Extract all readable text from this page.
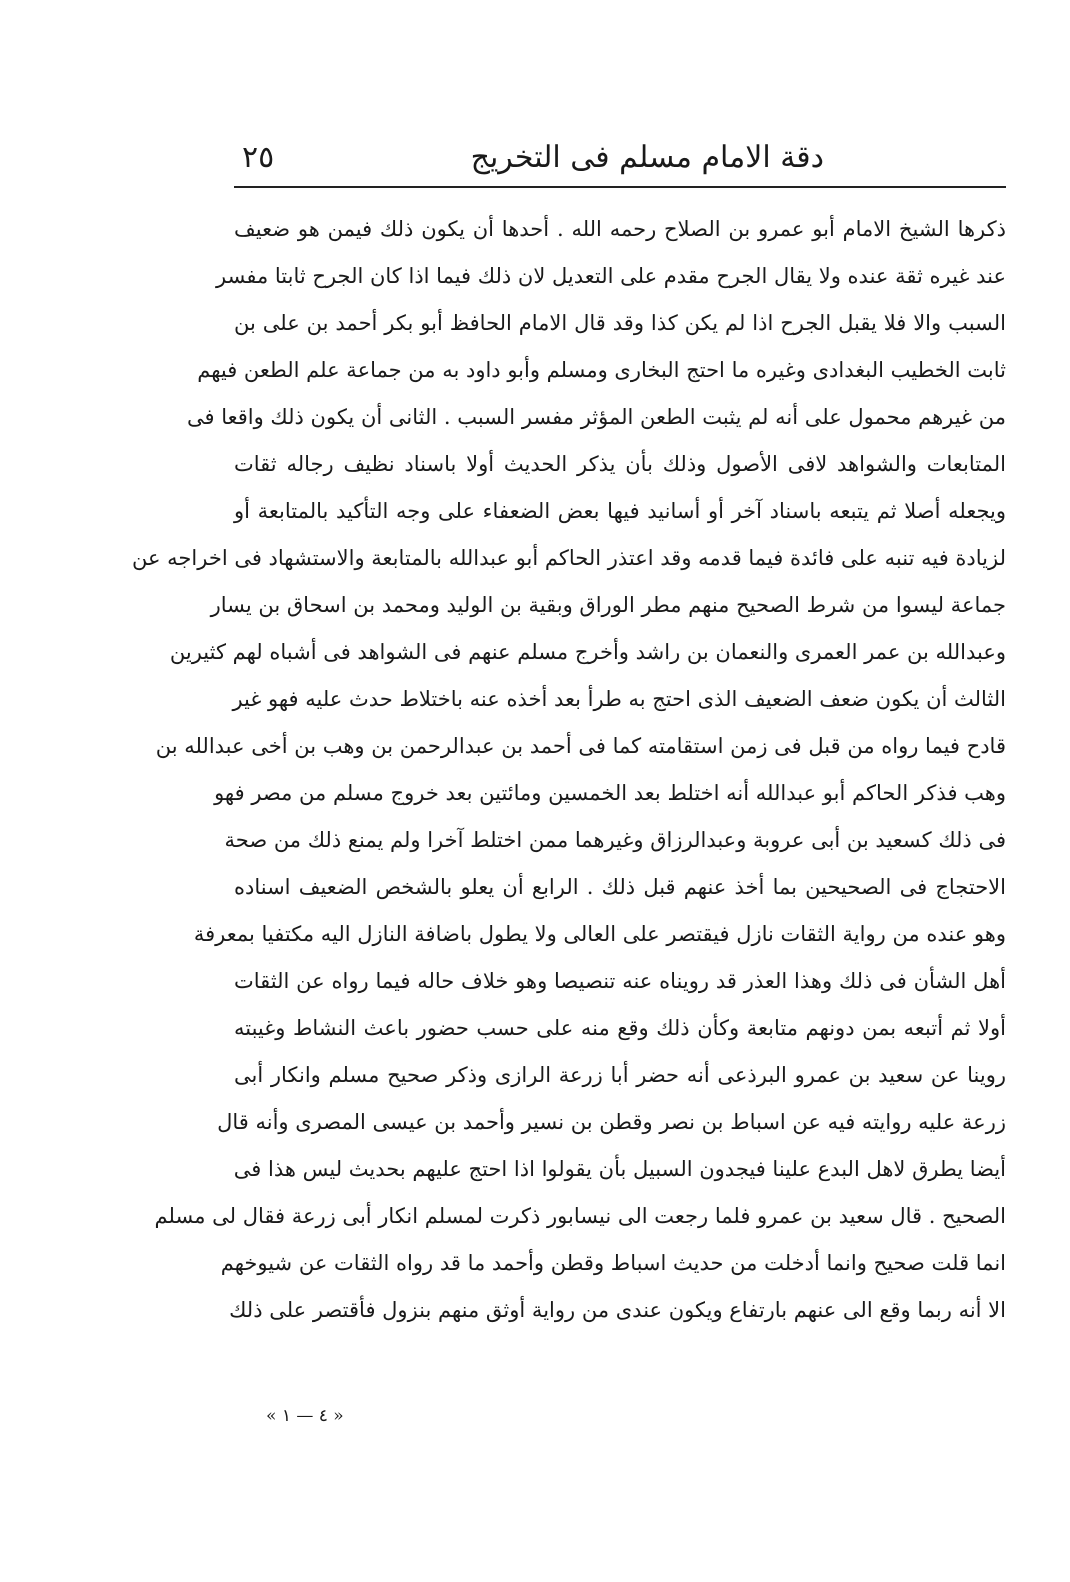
دقة الامام مسلم فى التخريج
٢٥
ذكرها الشيخ الامام أبو عمرو بن الصلاح رحمه الله . أحدها أن يكون ذلك فيمن هو ضعيف
عند غيره ثقة عنده ولا يقال الجرح مقدم على التعديل لان ذلك فيما اذا كان الجرح ثابتا مفسر
السبب والا فلا يقبل الجرح اذا لم يكن كذا وقد قال الامام الحافظ أبو بكر أحمد بن على بن
ثابت الخطيب البغدادى وغيره ما احتج البخارى ومسلم وأبو داود به من جماعة علم الطعن فيهم
من غيرهم محمول على أنه لم يثبت الطعن المؤثر مفسر السبب . الثانى أن يكون ذلك واقعا فى
المتابعات والشواهد لافى الأصول وذلك بأن يذكر الحديث أولا باسناد نظيف رجاله ثقات
ويجعله أصلا ثم يتبعه باسناد آخر أو أسانيد فيها بعض الضعفاء على وجه التأكيد بالمتابعة أو
لزيادة فيه تنبه على فائدة فيما قدمه وقد اعتذر الحاكم أبو عبدالله بالمتابعة والاستشهاد فى اخراجه عن
جماعة ليسوا من شرط الصحيح منهم مطر الوراق وبقية بن الوليد ومحمد بن اسحاق بن يسار
وعبدالله بن عمر العمرى والنعمان بن راشد وأخرج مسلم عنهم فى الشواهد فى أشباه لهم كثيرين
الثالث أن يكون ضعف الضعيف الذى احتج به طرأ بعد أخذه عنه باختلاط حدث عليه فهو غير
قادح فيما رواه من قبل فى زمن استقامته كما فى أحمد بن عبدالرحمن بن وهب بن أخى عبدالله بن
وهب فذكر الحاكم أبو عبدالله أنه اختلط بعد الخمسين ومائتين بعد خروج مسلم من مصر فهو
فى ذلك كسعيد بن أبى عروبة وعبدالرزاق وغيرهما ممن اختلط آخرا ولم يمنع ذلك من صحة
الاحتجاج فى الصحيحين بما أخذ عنهم قبل ذلك . الرابع أن يعلو بالشخص الضعيف اسناده
وهو عنده من رواية الثقات نازل فيقتصر على العالى ولا يطول باضافة النازل اليه مكتفيا بمعرفة
أهل الشأن فى ذلك وهذا العذر قد رويناه عنه تنصيصا وهو خلاف حاله فيما رواه عن الثقات
أولا ثم أتبعه بمن دونهم متابعة وكأن ذلك وقع منه على حسب حضور باعث النشاط وغيبته
روينا عن سعيد بن عمرو البرذعى أنه حضر أبا زرعة الرازى وذكر صحيح مسلم وانكار أبى
زرعة عليه روايته فيه عن اسباط بن نصر وقطن بن نسير وأحمد بن عيسى المصرى وأنه قال
أيضا يطرق لاهل البدع علينا فيجدون السبيل بأن يقولوا اذا احتج عليهم بحديث ليس هذا فى
الصحيح . قال سعيد بن عمرو فلما رجعت الى نيسابور ذكرت لمسلم انكار أبى زرعة فقال لى مسلم
انما قلت صحيح وانما أدخلت من حديث اسباط وقطن وأحمد ما قد رواه الثقات عن شيوخهم
الا أنه ربما وقع الى عنهم بارتفاع ويكون عندى من رواية أوثق منهم بنزول فأقتصر على ذلك
« ٤ — ١ »
